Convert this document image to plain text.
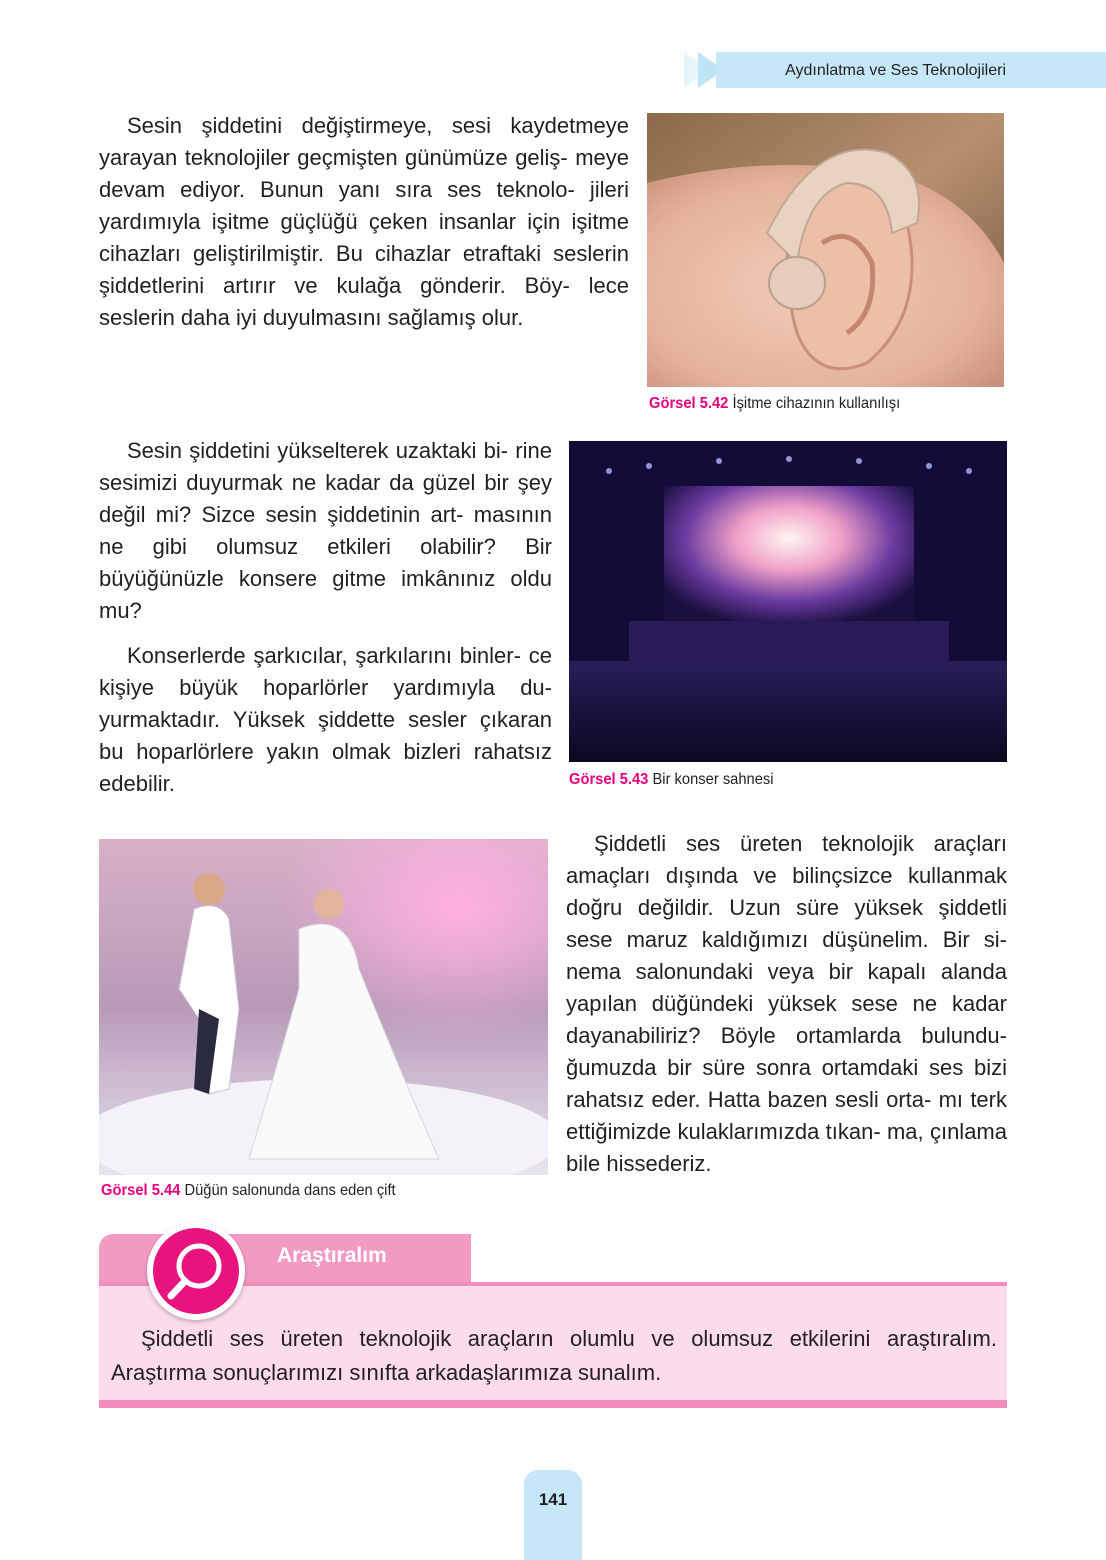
Aydınlatma ve Ses Teknolojileri

Sesin şiddetini değiştirmeye, sesi kaydetmeye yarayan teknolojiler geçmişten günümüze geliş- meye devam ediyor. Bunun yanı sıra ses teknolo- jileri yardımıyla işitme güçlüğü çeken insanlar için işitme cihazları geliştirilmiştir. Bu cihazlar etraftaki seslerin şiddetlerini artırır ve kulağa gönderir. Böy- lece seslerin daha iyi duyulmasını sağlamış olur.

Görsel 5.42 İşitme cihazının kullanılışı

Sesin şiddetini yükselterek uzaktaki bi- rine sesimizi duyurmak ne kadar da güzel bir şey değil mi? Sizce sesin şiddetinin art- masının ne gibi olumsuz etkileri olabilir? Bir büyüğünüzle konsere gitme imkânınız oldu mu?

Konserlerde şarkıcılar, şarkılarını binler- ce kişiye büyük hoparlörler yardımıyla du- yurmaktadır. Yüksek şiddette sesler çıkaran bu hoparlörlere yakın olmak bizleri rahatsız edebilir.	Görsel 5.43 Bir konser sahnesi
Görsel 5.44 Düğün salonunda dans eden çift

Şiddetli ses üreten teknolojik araçları amaçları dışında ve bilinçsizce kullanmak doğru değildir. Uzun süre yüksek şiddetli sese maruz kaldığımızı düşünelim. Bir si- nema salonundaki veya bir kapalı alanda yapılan düğündeki yüksek sese ne kadar dayanabiliriz? Böyle ortamlarda bulundu- ğumuzda bir süre sonra ortamdaki ses bizi rahatsız eder. Hatta bazen sesli orta- mı terk ettiğimizde kulaklarımızda tıkan- ma, çınlama bile hissederiz.

Araştıralım

Şiddetli ses üreten teknolojik araçların olumlu ve olumsuz etkilerini araştıralım. Araştırma sonuçlarımızı sınıfta arkadaşlarımıza sunalım.

141
